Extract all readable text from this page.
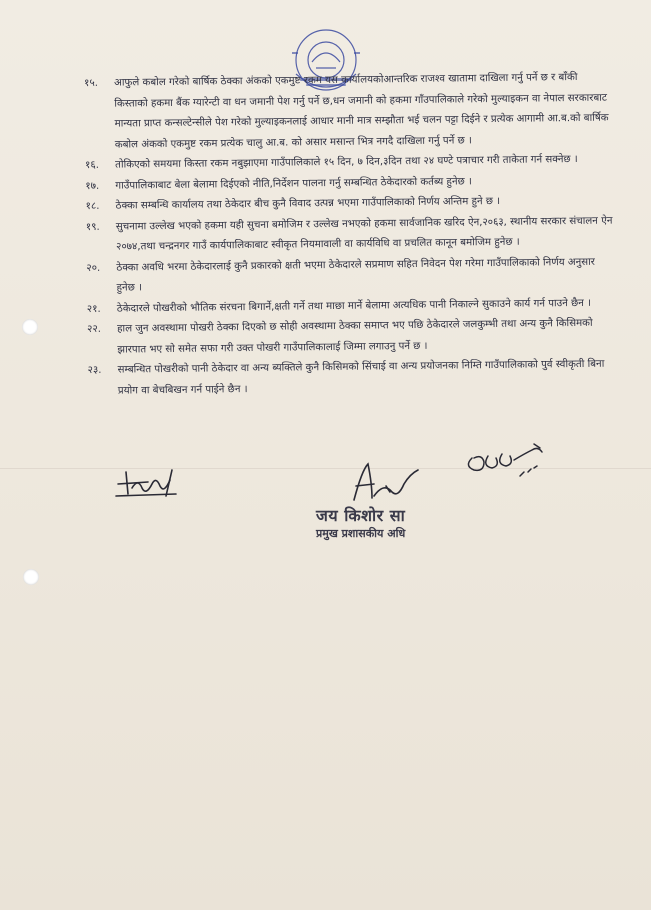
१५. आफुले कबोल गरेको बार्षिक ठेक्का अंकको एकमुष्ट रकम यस कार्यालयकोआन्तरिक राजश्व खातामा दाखिला गर्नु पर्ने छ र बाँकी किस्ताको हकमा बैंक ग्यारेन्टी वा धन जमानी पेश गर्नु पर्ने छ,धन जमानी को हकमा गाँउपालिकाले गरेको मुल्याइकन वा नेपाल सरकारबाट मान्यता प्राप्त कन्सल्टेन्सीले पेश गरेको मुल्याइकनलाई आधार मानी मात्र सम्झौता भई चलन पट्टा दिईने र प्रत्येक आगामी आ.ब.को बार्षिक कबोल अंकको एकमुष्ट रकम प्रत्येक चालु आ.ब. को असार मसान्त भित्र नगदै दाखिला गर्नु पर्ने छ ।
१६. तोकिएको समयमा किस्ता रकम नबुझाएमा गाउँपालिकाले १५ दिन, ७ दिन,३दिन तथा २४ घण्टे पत्राचार गरी ताकेता गर्न सक्नेछ ।
१७. गाउँपालिकाबाट बेला बेलामा दिईएको नीति,निर्देशन पालना गर्नु सम्बन्धित ठेकेदारको कर्तब्य हुनेछ ।
१८. ठेक्का सम्बन्धि कार्यालय तथा ठेकेदार बीच कुनै विवाद उत्पन्न भएमा गाउँपालिकाको निर्णय अन्तिम हुने छ ।
१९. सुचनामा उल्लेख भएको हकमा यही सुचना बमोजिम र उल्लेख नभएको हकमा सार्वजानिक खरिद ऐन,२०६३, स्थानीय सरकार संचालन ऐन २०७४,तथा चन्द्रनगर गाउँ कार्यपालिकाबाट स्वीकृत नियमावाली वा कार्यविधि वा प्रचलित कानून बमोजिम हुनेछ ।
२०. ठेक्का अवधि भरमा ठेकेदारलाई कुनै प्रकारको क्षती भएमा ठेकेदारले सप्रमाण सहित निवेदन पेश गरेमा गाउँपालिकाको निर्णय अनुसार हुनेछ ।
२१. ठेकेदारले पोखरीको भौतिक संरचना बिगार्ने,क्षती गर्ने तथा माछा मार्ने बेलामा अत्यधिक पानी निकाल्ने सुकाउने कार्य गर्न पाउने छैन ।
२२. हाल जुन अवस्थामा पोखरी ठेक्का दिएको छ सोही अवस्थामा ठेक्का समाप्त भए पछि ठेकेदारले जलकुम्भी तथा अन्य कुनै किसिमको झारपात भए सो समेत सफा गरी उक्त पोखरी गाउँपालिकालाई जिम्मा लगाउनु पर्ने छ ।
२३. सम्बन्धित पोखरीको पानी ठेकेदार वा अन्य ब्यक्तिले कुनै किसिमको सिंचाई वा अन्य प्रयोजनका निम्ति गाउँपालिकाको पुर्व स्वीकृती बिना प्रयोग वा बेचबिखन गर्न पाईने छैन ।
जय किशोर सा
प्रमुख प्रशासकीय अधि
